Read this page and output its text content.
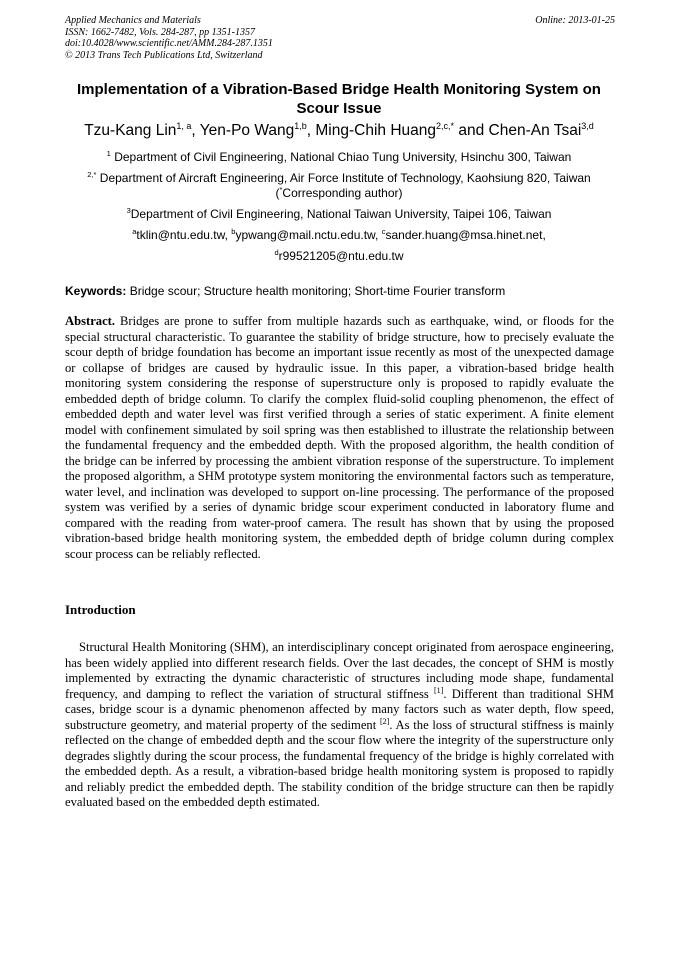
Applied Mechanics and Materials
ISSN: 1662-7482, Vols. 284-287, pp 1351-1357
doi:10.4028/www.scientific.net/AMM.284-287.1351
© 2013 Trans Tech Publications Ltd, Switzerland
Online: 2013-01-25
Implementation of a Vibration-Based Bridge Health Monitoring System on Scour Issue
Tzu-Kang Lin$^{1, a}$, Yen-Po Wang$^{1,b}$, Ming-Chih Huang$^{2,c,*}$ and Chen-An Tsai$^{3,d}$
$^1$ Department of Civil Engineering, National Chiao Tung University, Hsinchu 300, Taiwan
$^{2,*}$ Department of Aircraft Engineering, Air Force Institute of Technology, Kaohsiung 820, Taiwan
(*Corresponding author)
$^3$Department of Civil Engineering, National Taiwan University, Taipei 106, Taiwan
$^a$tklin@ntu.edu.tw, $^b$ypwang@mail.nctu.edu.tw, $^c$sander.huang@msa.hinet.net,
$^d$r99521205@ntu.edu.tw
Keywords: Bridge scour; Structure health monitoring; Short-time Fourier transform
Abstract. Bridges are prone to suffer from multiple hazards such as earthquake, wind, or floods for the special structural characteristic. To guarantee the stability of bridge structure, how to precisely evaluate the scour depth of bridge foundation has become an important issue recently as most of the unexpected damage or collapse of bridges are caused by hydraulic issue. In this paper, a vibration-based bridge health monitoring system considering the response of superstructure only is proposed to rapidly evaluate the embedded depth of bridge column. To clarify the complex fluid-solid coupling phenomenon, the effect of embedded depth and water level was first verified through a series of static experiment. A finite element model with confinement simulated by soil spring was then established to illustrate the relationship between the fundamental frequency and the embedded depth. With the proposed algorithm, the health condition of the bridge can be inferred by processing the ambient vibration response of the superstructure. To implement the proposed algorithm, a SHM prototype system monitoring the environmental factors such as temperature, water level, and inclination was developed to support on-line processing. The performance of the proposed system was verified by a series of dynamic bridge scour experiment conducted in laboratory flume and compared with the reading from water-proof camera. The result has shown that by using the proposed vibration-based bridge health monitoring system, the embedded depth of bridge column during complex scour process can be reliably reflected.
Introduction
Structural Health Monitoring (SHM), an interdisciplinary concept originated from aerospace engineering, has been widely applied into different research fields. Over the last decades, the concept of SHM is mostly implemented by extracting the dynamic characteristic of structures including mode shape, fundamental frequency, and damping to reflect the variation of structural stiffness [1]. Different than traditional SHM cases, bridge scour is a dynamic phenomenon affected by many factors such as water depth, flow speed, substructure geometry, and material property of the sediment [2]. As the loss of structural stiffness is mainly reflected on the change of embedded depth and the scour flow where the integrity of the superstructure only degrades slightly during the scour process, the fundamental frequency of the bridge is highly correlated with the embedded depth. As a result, a vibration-based bridge health monitoring system is proposed to rapidly and reliably predict the embedded depth. The stability condition of the bridge structure can then be rapidly evaluated based on the embedded depth estimated.
